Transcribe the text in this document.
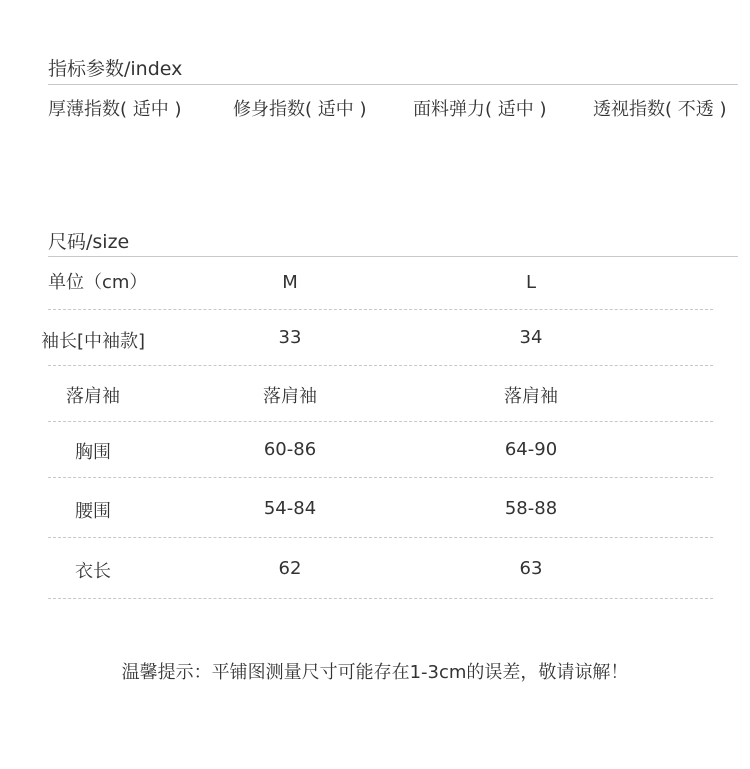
指标参数/index
厚薄指数( 适中 )	修身指数( 适中 )	面料弹力( 适中 )	透视指数( 不透 )
尺码/size
单位（cm）	M	L
袖长[中袖款]	33	34
落肩袖	落肩袖	落肩袖
胸围	60-86	64-90
腰围	54-84	58-88
衣长	62	63
温馨提示：平铺图测量尺寸可能存在1-3cm的误差，敬请谅解！
